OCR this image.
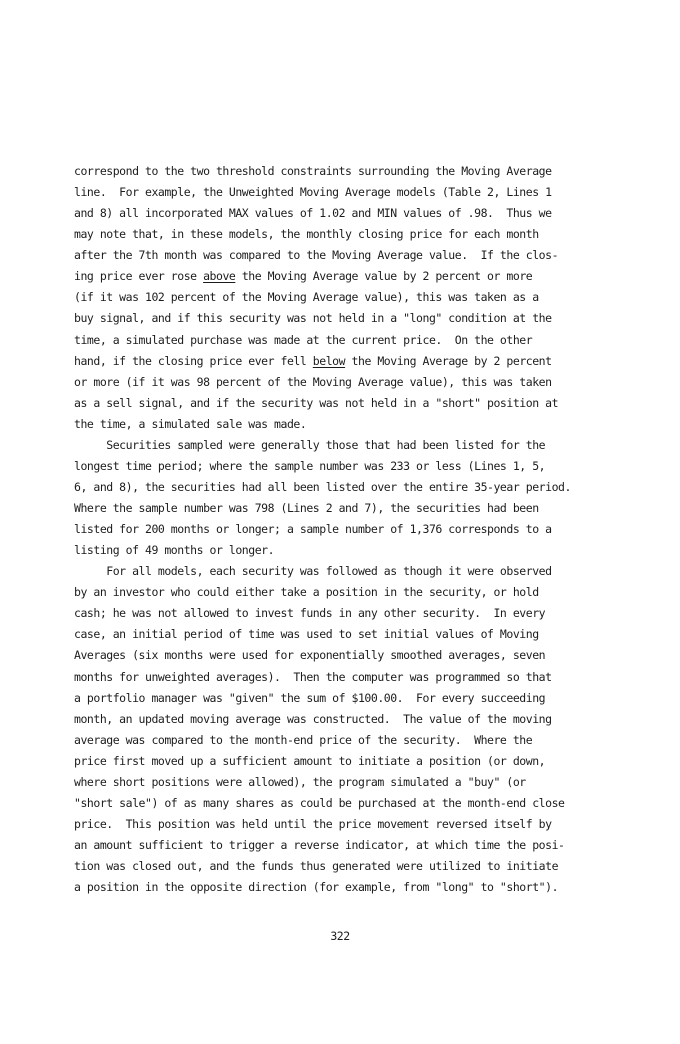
correspond to the two threshold constraints surrounding the Moving Average
line.  For example, the Unweighted Moving Average models (Table 2, Lines 1
and 8) all incorporated MAX values of 1.02 and MIN values of .98.  Thus we
may note that, in these models, the monthly closing price for each month
after the 7th month was compared to the Moving Average value.  If the clos-
ing price ever rose above the Moving Average value by 2 percent or more
(if it was 102 percent of the Moving Average value), this was taken as a
buy signal, and if this security was not held in a "long" condition at the
time, a simulated purchase was made at the current price.  On the other
hand, if the closing price ever fell below the Moving Average by 2 percent
or more (if it was 98 percent of the Moving Average value), this was taken
as a sell signal, and if the security was not held in a "short" position at
the time, a simulated sale was made.
Securities sampled were generally those that had been listed for the
longest time period; where the sample number was 233 or less (Lines 1, 5,
6, and 8), the securities had all been listed over the entire 35-year period.
Where the sample number was 798 (Lines 2 and 7), the securities had been
listed for 200 months or longer; a sample number of 1,376 corresponds to a
listing of 49 months or longer.
For all models, each security was followed as though it were observed
by an investor who could either take a position in the security, or hold
cash; he was not allowed to invest funds in any other security.  In every
case, an initial period of time was used to set initial values of Moving
Averages (six months were used for exponentially smoothed averages, seven
months for unweighted averages).  Then the computer was programmed so that
a portfolio manager was "given" the sum of $100.00.  For every succeeding
month, an updated moving average was constructed.  The value of the moving
average was compared to the month-end price of the security.  Where the
price first moved up a sufficient amount to initiate a position (or down,
where short positions were allowed), the program simulated a "buy" (or
"short sale") of as many shares as could be purchased at the month-end close
price.  This position was held until the price movement reversed itself by
an amount sufficient to trigger a reverse indicator, at which time the posi-
tion was closed out, and the funds thus generated were utilized to initiate
a position in the opposite direction (for example, from "long" to "short").
322
